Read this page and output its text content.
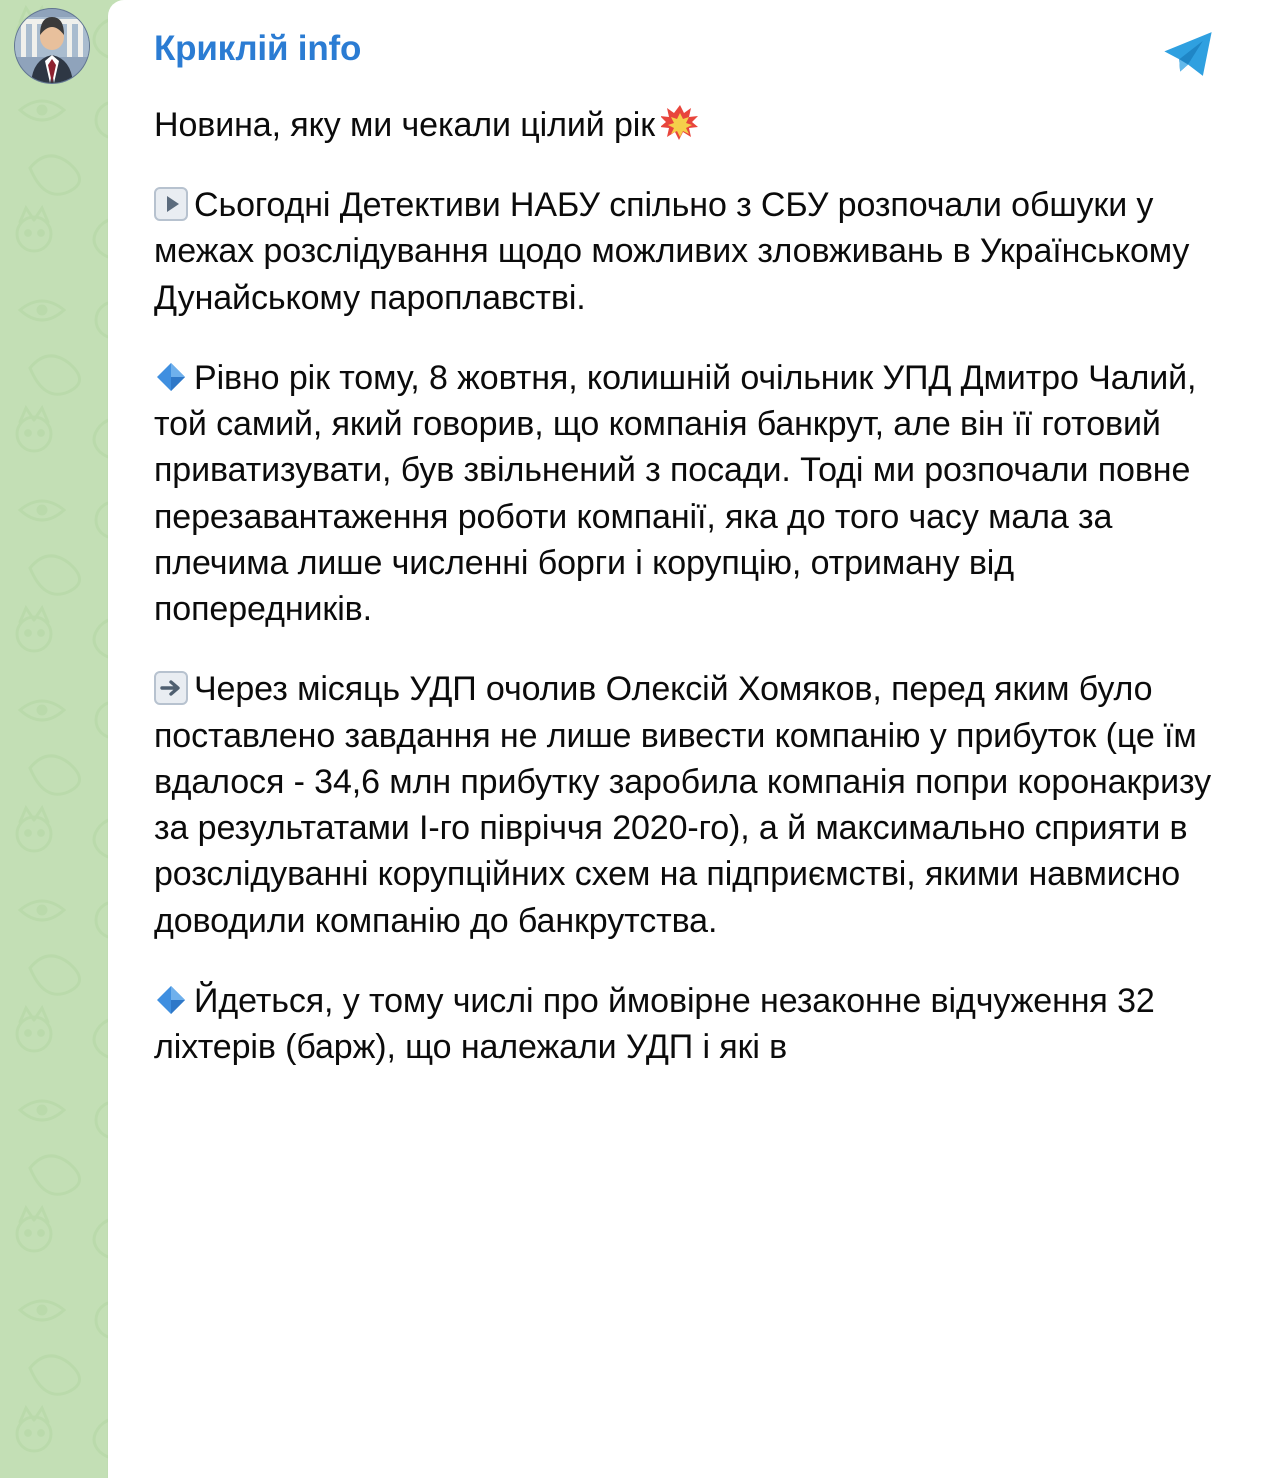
Криклій info

Новина, яку ми чекали цілий рік

Сьогодні Детективи НАБУ спільно з СБУ розпочали обшуки у межах розслідування щодо можливих зловживань в Українському Дунайському пароплавстві.

Рівно рік тому, 8 жовтня, колишній очільник УПД Дмитро Чалий, той самий, який говорив, що компанія банкрут, але він її готовий приватизувати, був звільнений з посади. Тоді ми розпочали повне перезавантаження роботи компанії, яка до того часу мала за плечима лише численні борги і корупцію, отриману від попередників.

Через місяць УДП очолив Олексій Хомяков, перед яким було поставлено завдання не лише вивести компанію у прибуток (це їм вдалося - 34,6 млн прибутку заробила компанія попри коронакризу за результатами I-го півріччя 2020-го), а й максимально сприяти в розслідуванні корупційних схем на підприємстві, якими навмисно доводили компанію до банкрутства.

Йдеться, у тому числі про ймовірне незаконне відчуження 32 ліхтерів (барж), що належали УДП і які в
